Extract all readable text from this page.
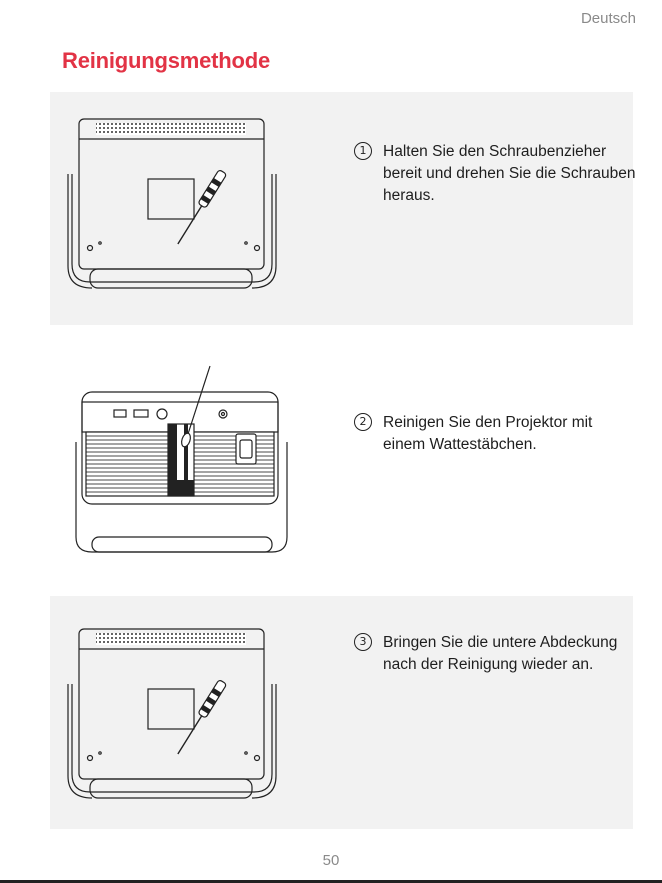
Deutsch
Reinigungsmethode
1	Halten Sie den Schraubenzieher bereit und drehen Sie die Schrauben heraus.
2	Reinigen Sie den Projektor mit einem Wattestäbchen.
3	Bringen Sie die untere Abdeckung nach der Reinigung wieder an.
50
